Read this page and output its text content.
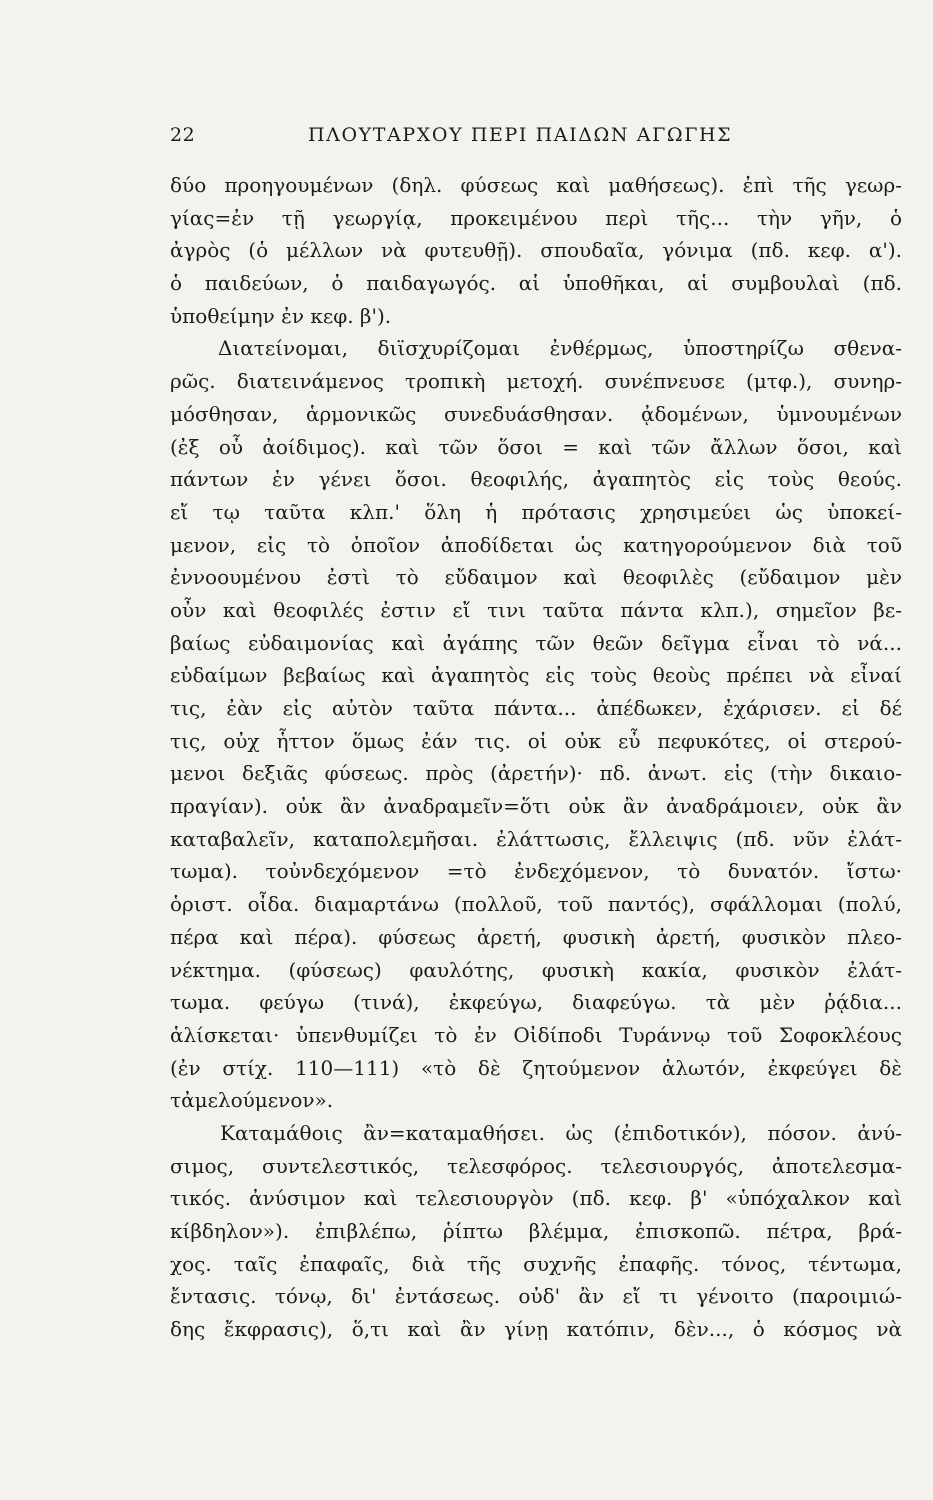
22	ΠΛΟΥΤΑΡΧΟΥ ΠΕΡΙ ΠΑΙΔΩΝ ΑΓΩΓΗΣ
δύο προηγουμένων (δηλ. φύσεως καὶ μαθήσεως). ἐπὶ τῆς γεωρ-
γίας=ἐν τῇ γεωργίᾳ, προκειμένου περὶ τῆς... τὴν γῆν, ὁ
ἀγρὸς (ὁ μέλλων νὰ φυτευθῇ). σπουδαῖα, γόνιμα (πδ. κεφ. α').
ὁ παιδεύων, ὁ παιδαγωγός. αἱ ὑποθῆκαι, αἱ συμβουλαὶ (πδ.
ὑποθείμην ἐν κεφ. β').
Διατείνομαι, διϊσχυρίζομαι ἐνθέρμως, ὑποστηρίζω σθενα-
ρῶς. διατεινάμενος τροπικὴ μετοχή. συνέπνευσε (μτφ.), συνηρ-
μόσθησαν, ἁρμονικῶς συνεδυάσθησαν. ᾀδομένων, ὑμνουμένων
(ἐξ οὗ ἀοίδιμος). καὶ τῶν ὅσοι = καὶ τῶν ἄλλων ὅσοι, καὶ
πάντων ἐν γένει ὅσοι. θεοφιλής, ἀγαπητὸς εἰς τοὺς θεούς.
εἴ τῳ ταῦτα κλπ.' ὅλη ἡ πρότασις χρησιμεύει ὡς ὑποκεί-
μενον, εἰς τὸ ὁποῖον ἀποδίδεται ὡς κατηγορούμενον διὰ τοῦ
ἐννοουμένου ἐστὶ τὸ εὔδαιμον καὶ θεοφιλὲς (εὔδαιμον μὲν
οὖν καὶ θεοφιλές ἐστιν εἴ τινι ταῦτα πάντα κλπ.), σημεῖον βε-
βαίως εὐδαιμονίας καὶ ἀγάπης τῶν θεῶν δεῖγμα εἶναι τὸ νά...
εὐδαίμων βεβαίως καὶ ἀγαπητὸς εἰς τοὺς θεοὺς πρέπει νὰ εἶναί
τις, ἐὰν εἰς αὐτὸν ταῦτα πάντα... ἀπέδωκεν, ἐχάρισεν. εἰ δέ
τις, οὐχ ἧττον ὅμως ἐάν τις. οἱ οὐκ εὖ πεφυκότες, οἱ στερού-
μενοι δεξιᾶς φύσεως. πρὸς (ἀρετήν)· πδ. ἀνωτ. εἰς (τὴν δικαιο-
πραγίαν). οὐκ ἂν ἀναδραμεῖν=ὅτι οὐκ ἂν ἀναδράμοιεν, οὐκ ἂν
καταβαλεῖν, καταπολεμῆσαι. ἐλάττωσις, ἔλλειψις (πδ. νῦν ἐλάτ-
τωμα). τοὐνδεχόμενον =τὸ ἐνδεχόμενον, τὸ δυνατόν. ἴστω·
ὁριστ. οἶδα. διαμαρτάνω (πολλοῦ, τοῦ παντός), σφάλλομαι (πολύ,
πέρα καὶ πέρα). φύσεως ἀρετή, φυσικὴ ἀρετή, φυσικὸν πλεο-
νέκτημα. (φύσεως) φαυλότης, φυσικὴ κακία, φυσικὸν ἐλάτ-
τωμα. φεύγω (τινά), ἐκφεύγω, διαφεύγω. τὰ μὲν ῥᾴδια...
ἁλίσκεται· ὑπενθυμίζει τὸ ἐν Οἰδίποδι Τυράννῳ τοῦ Σοφοκλέους
(ἐν στίχ. 110—111) «τὸ δὲ ζητούμενον ἁλωτόν, ἐκφεύγει δὲ
τἀμελούμενον».
Καταμάθοις ἂν=καταμαθήσει. ὡς (ἐπιδοτικόν), πόσον. ἀνύ-
σιμος, συντελεστικός, τελεσφόρος. τελεσιουργός, ἀποτελεσμα-
τικός. ἀνύσιμον καὶ τελεσιουργὸν (πδ. κεφ. β' «ὑπόχαλκον καὶ
κίβδηλον»). ἐπιβλέπω, ῥίπτω βλέμμα, ἐπισκοπῶ. πέτρα, βρά-
χος. ταῖς ἐπαφαῖς, διὰ τῆς συχνῆς ἐπαφῆς. τόνος, τέντωμα,
ἔντασις. τόνῳ, δι' ἐντάσεως. οὐδ' ἂν εἴ τι γένοιτο (παροιμιώ-
δης ἔκφρασις), ὅ,τι καὶ ἂν γίνῃ κατόπιν, δὲν..., ὁ κόσμος νὰ
